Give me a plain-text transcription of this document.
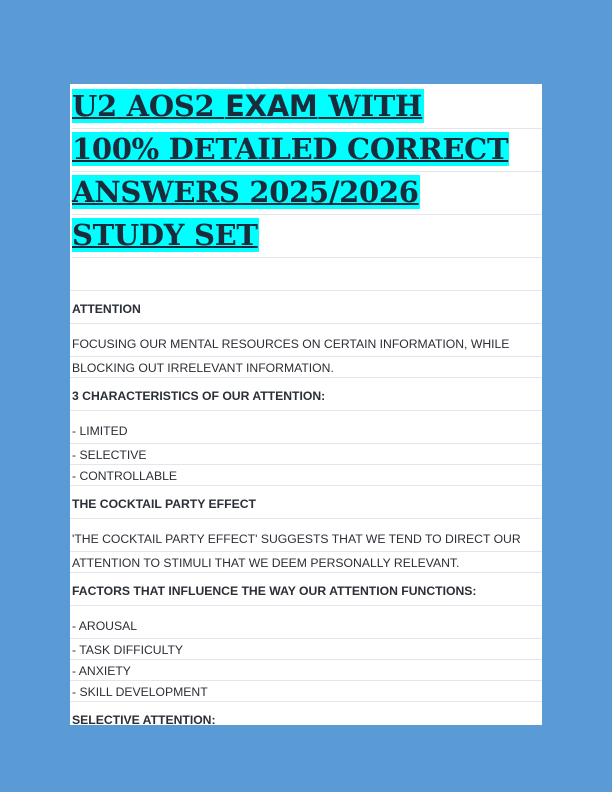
U2 AOS2 EXAM WITH
100% DETAILED CORRECT
ANSWERS 2025/2026
STUDY SET
ATTENTION
FOCUSING OUR MENTAL RESOURCES ON CERTAIN INFORMATION, WHILE
BLOCKING OUT IRRELEVANT INFORMATION.
3 CHARACTERISTICS OF OUR ATTENTION:
- LIMITED
- SELECTIVE
- CONTROLLABLE
THE COCKTAIL PARTY EFFECT
'THE COCKTAIL PARTY EFFECT' SUGGESTS THAT WE TEND TO DIRECT OUR
ATTENTION TO STIMULI THAT WE DEEM PERSONALLY RELEVANT.
FACTORS THAT INFLUENCE THE WAY OUR ATTENTION FUNCTIONS:
- AROUSAL
- TASK DIFFICULTY
- ANXIETY
- SKILL DEVELOPMENT
SELECTIVE ATTENTION:
